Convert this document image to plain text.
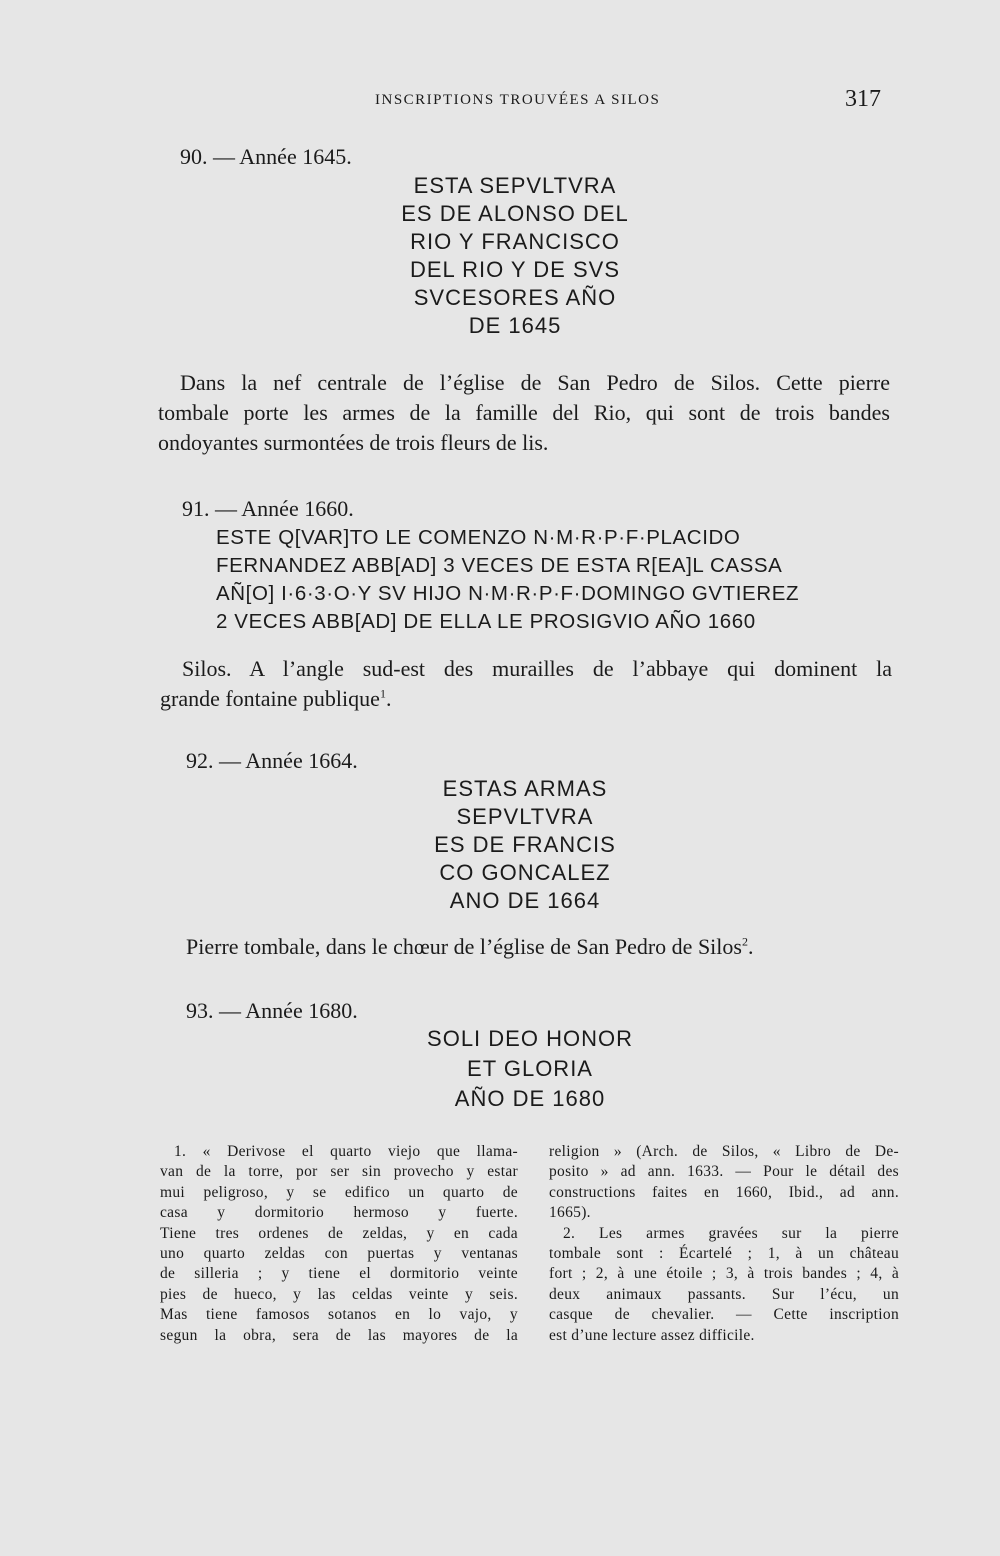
INSCRIPTIONS TROUVÉES A SILOS	317
90. — Année 1645.
ESTA SEPVLTVRA
ES DE ALONSO DEL
RIO Y FRANCISCO
DEL RIO Y DE SVS
SVCESORES AÑO
DE 1645
Dans la nef centrale de l’église de San Pedro de Silos. Cette pierre
tombale porte les armes de la famille del Rio, qui sont de trois bandes
ondoyantes surmontées de trois fleurs de lis.
91. — Année 1660.
ESTE Q[VAR]TO LE COMENZO N·M·R·P·F·PLACIDO
FERNANDEZ ABB[AD] 3 VECES DE ESTA R[EA]L CASSA
AÑ[O] I·6·3·O·Y SV HIJO N·M·R·P·F·DOMINGO GVTIEREZ
2 VECES ABB[AD] DE ELLA LE PROSIGVIO AÑO 1660
Silos. A l’angle sud-est des murailles de l’abbaye qui dominent la
grande fontaine publique$^1$.
92. — Année 1664.
ESTAS ARMAS
SEPVLTVRA
ES DE FRANCIS
CO GONCALEZ
ANO DE 1664
Pierre tombale, dans le chœur de l’église de San Pedro de Silos$^2$.
93. — Année 1680.
SOLI DEO HONOR
ET GLORIA
AÑO DE 1680
1. « Derivose el quarto viejo que llama-
van de la torre, por ser sin provecho y estar
mui peligroso, y se edifico un quarto de
casa y dormitorio hermoso y fuerte.
Tiene tres ordenes de zeldas, y en cada
uno quarto zeldas con puertas y ventanas
de silleria ; y tiene el dormitorio veinte
pies de hueco, y las celdas veinte y seis.
Mas tiene famosos sotanos en lo vajo, y
segun la obra, sera de las mayores de la
religion » (Arch. de Silos, « Libro de De-
posito » ad ann. 1633. — Pour le détail des
constructions faites en 1660, Ibid., ad ann.
1665).
2. Les armes gravées sur la pierre
tombale sont : Écartelé ; 1, à un château
fort ; 2, à une étoile ; 3, à trois bandes ; 4, à
deux animaux passants. Sur l’écu, un
casque de chevalier. — Cette inscription
est d’une lecture assez difficile.
